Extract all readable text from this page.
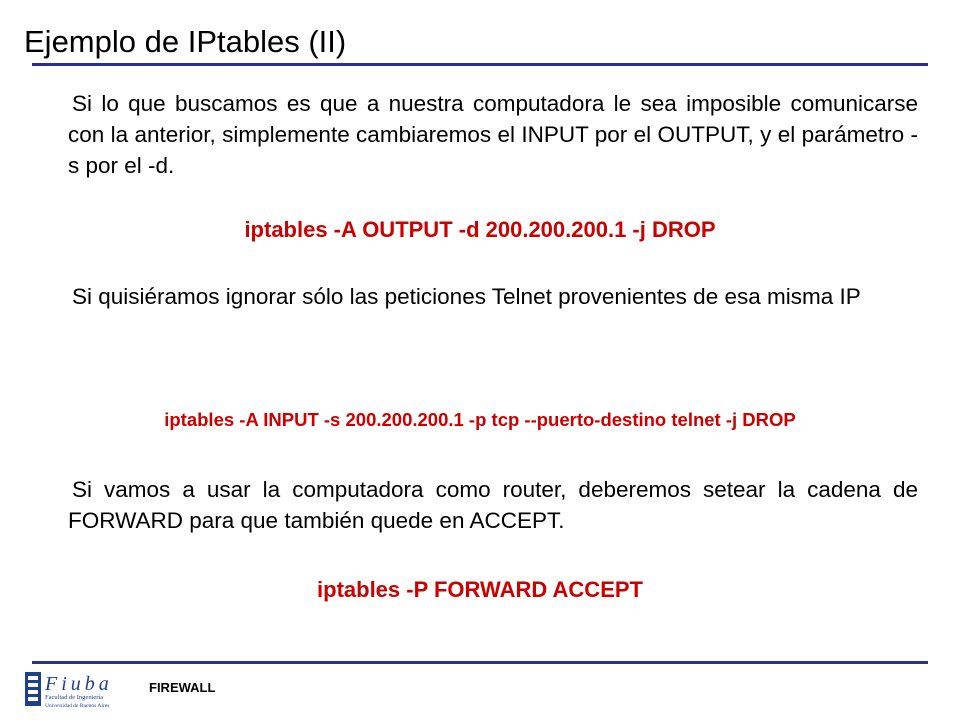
Ejemplo de IPtables (II)

Si lo que buscamos es que a nuestra computadora le sea imposible comunicarse con la anterior, simplemente cambiaremos el INPUT por el OUTPUT, y el parámetro -s por el -d.

iptables -A OUTPUT -d 200.200.200.1 -j DROP

Si quisiéramos ignorar sólo las peticiones Telnet provenientes de esa misma IP

iptables -A INPUT -s 200.200.200.1 -p tcp --puerto-destino telnet -j DROP

Si vamos a usar la computadora como router, deberemos setear la cadena de FORWARD para que también quede en ACCEPT.

iptables -P FORWARD ACCEPT

Fiuba
Facultad de Ingeniería
Universidad de Buenos Aires
FIREWALL
